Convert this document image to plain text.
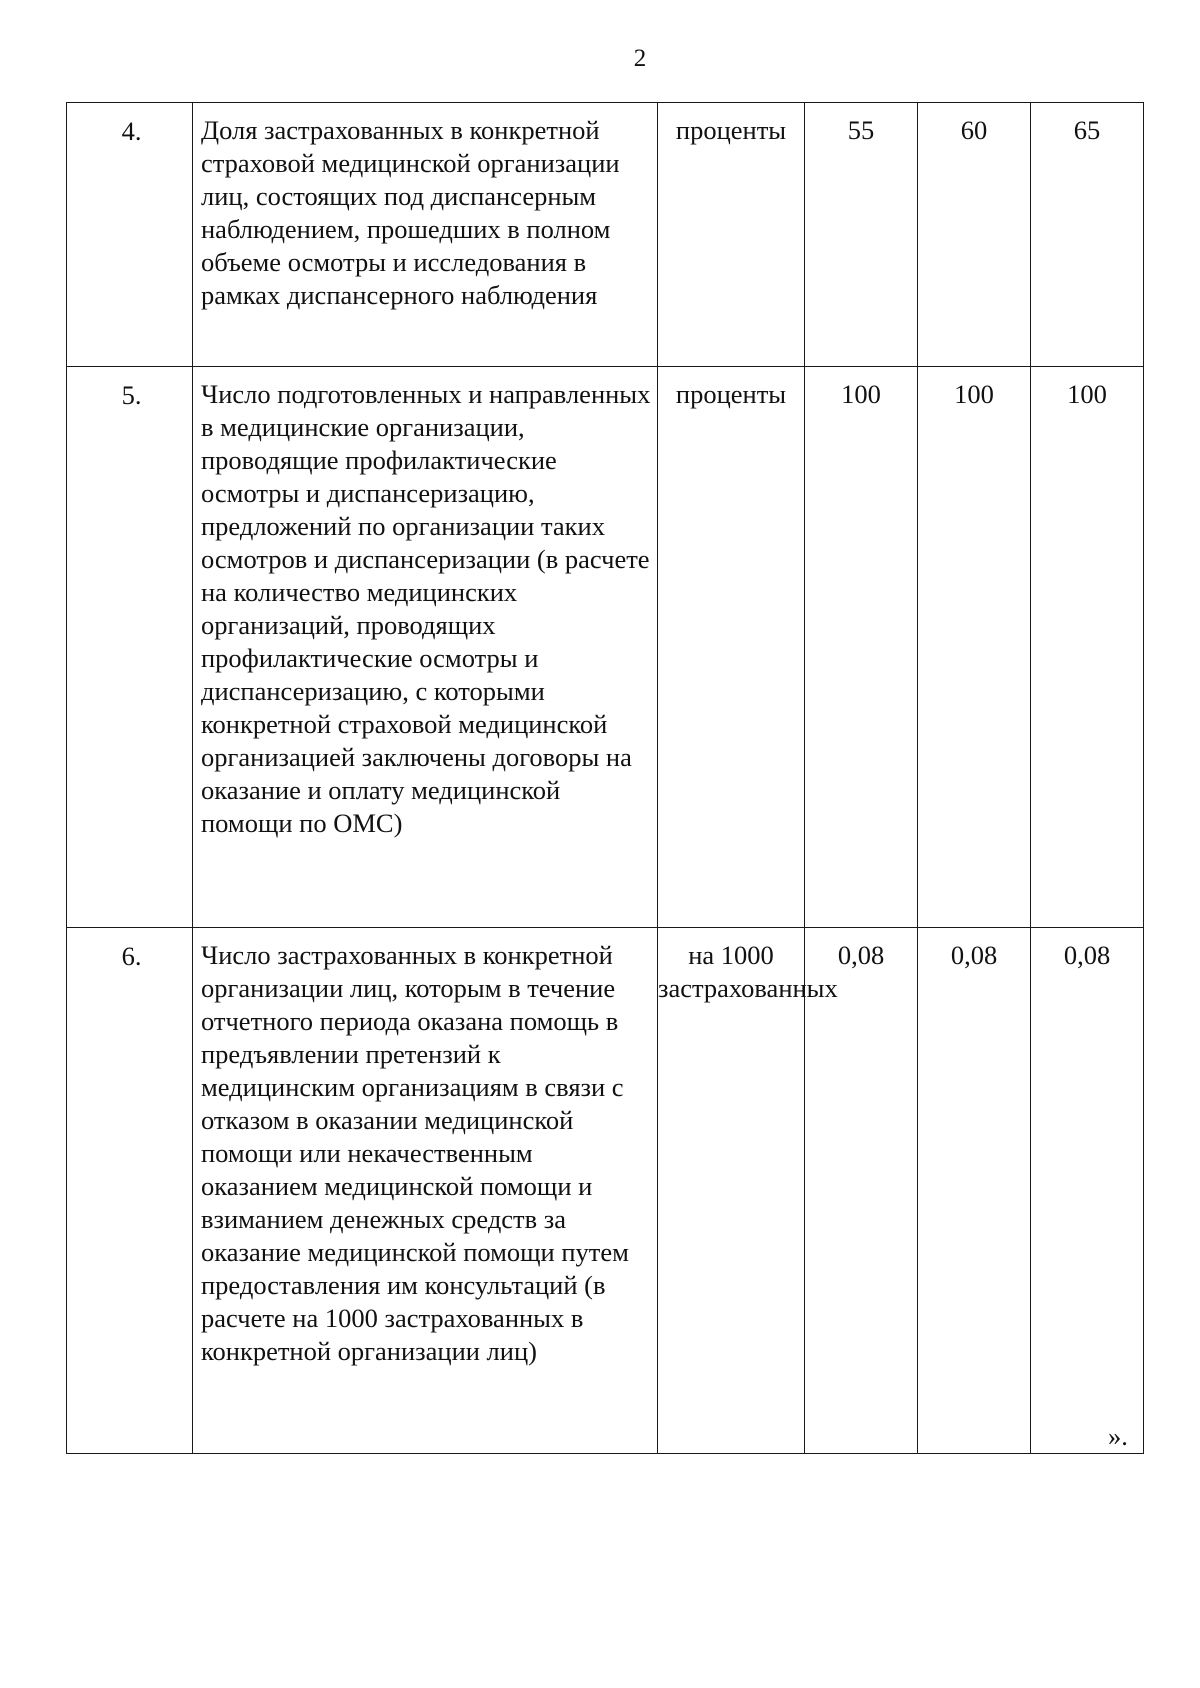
2
4.	Доля застрахованных в конкретной страховой медицинской организации лиц, состоящих под диспансерным наблюдением, прошедших в полном объеме осмотры и исследования в рамках диспансерного наблюдения	проценты	55	60	65
5.	Число подготовленных и направленных в медицинские организации, проводящие профилактические осмотры и диспансеризацию, предложений по организации таких осмотров и диспансеризации (в расчете на количество медицинских организаций, проводящих профилактические осмотры и диспансеризацию, с которыми конкретной страховой медицинской организацией заключены договоры на оказание и оплату медицинской помощи по ОМС)	проценты	100	100	100
6.	Число застрахованных в конкретной организации лиц, которым в течение отчетного периода оказана помощь в предъявлении претензий к медицинским организациям в связи с отказом в оказании медицинской помощи или некачественным оказанием медицинской помощи и взиманием денежных средств за оказание медицинской помощи путем предоставления им консультаций (в расчете на 1000 застрахованных в конкретной организации лиц)	на 1000 застрахованных	0,08	0,08	0,08
».
